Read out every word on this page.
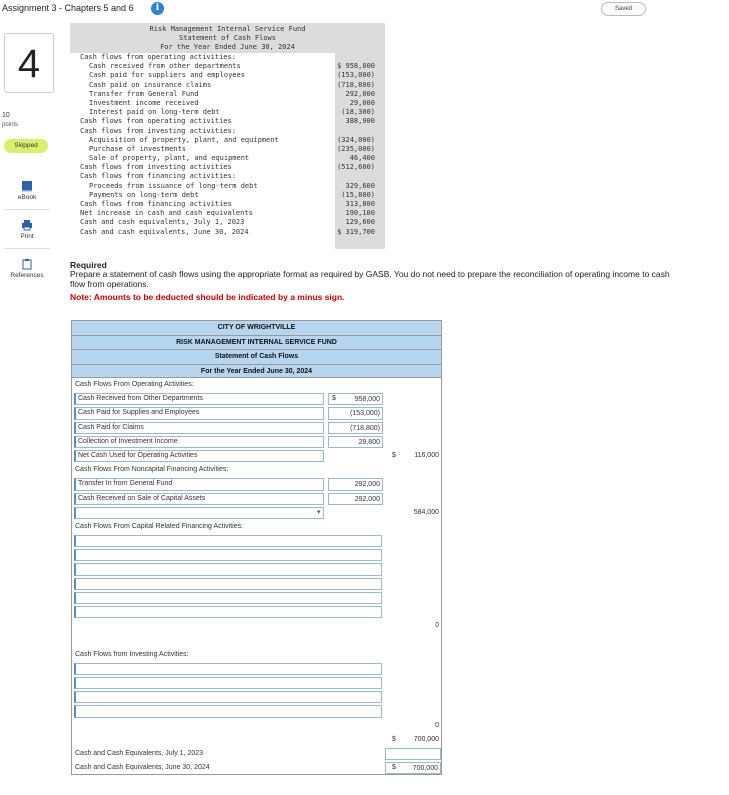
Assignment 3 - Chapters 5 and 6	i	Saved
4
10
points
Skipped
eBook
Print
References
Risk Management Internal Service Fund
Statement of Cash Flows
For the Year Ended June 30, 2024
Cash flows from operating activities:
Cash received from other departments	$ 958,000
Cash paid for suppliers and employees	(153,000)
Cash paid on insurance claims	(718,800)
Transfer from General Fund	292,000
Investment income received	29,000
Interest paid on long-term debt	(18,300)
Cash flows from operating activities	388,900
Cash flows from investing activities:
Acquisition of property, plant, and equipment	(324,000)
Purchase of investments	(235,000)
Sale of property, plant, and equipment	46,400
Cash flows from investing activities	(512,600)
Cash flows from financing activities:
Proceeds from issuance of long-term debt	329,600
Payments on long-term debt	(15,800)
Cash flows from financing activities	313,800
Net increase in cash and cash equivalents	190,100
Cash and cash equivalents, July 1, 2023	129,600
Cash and cash equivalents, June 30, 2024	$ 319,700
Required
Prepare a statement of cash flows using the appropriate format as required by GASB. You do not need to prepare the reconciliation of operating income to cash flow from operations.
Note: Amounts to be deducted should be indicated by a minus sign.
CITY OF WRIGHTVILLE
RISK MANAGEMENT INTERNAL SERVICE FUND
Statement of Cash Flows
For the Year Ended June 30, 2024
Cash Flows From Operating Activities:
Cash Received from Other Departments	$	958,000
Cash Paid for Supplies and Employees	(153,000)
Cash Paid for Claims	(718,800)
Collection of Investment Income	29,800
Net Cash Used for Operating Activities	$	116,000
Cash Flows From Noncapital Financing Activities:
Transfer In from General Fund	292,000
Cash Received on Sale of Capital Assets	292,000
▾	584,000
Cash Flows From Capital Related Financing Activities:
0
Cash Flows from Investing Activities:
0
$	700,000
Cash and Cash Equivalents, July 1, 2023
Cash and Cash Equivalents, June 30, 2024	$	700,000
